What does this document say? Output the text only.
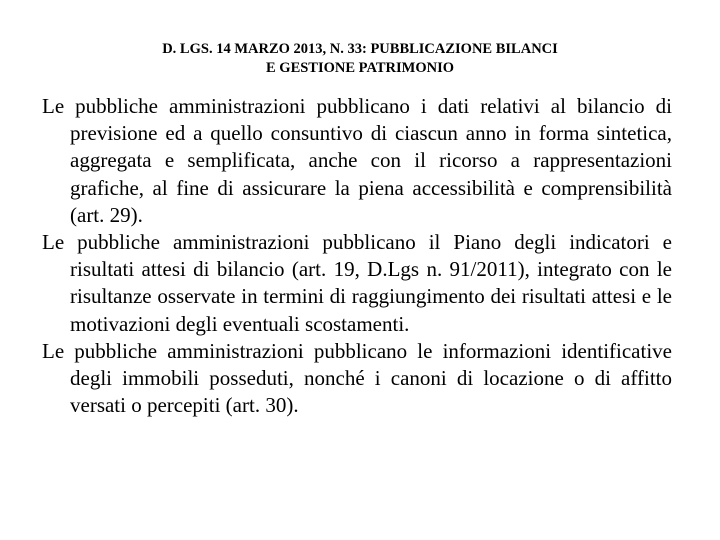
D. LGS. 14 MARZO 2013, N. 33: PUBBLICAZIONE BILANCI
E GESTIONE PATRIMONIO

Le pubbliche amministrazioni pubblicano i dati relativi al bilancio di previsione ed a quello consuntivo di ciascun anno in forma sintetica, aggregata e semplificata, anche con il ricorso a rappresentazioni grafiche, al fine di assicurare la piena accessibilità e comprensibilità (art. 29).

Le pubbliche amministrazioni pubblicano il Piano degli indicatori e risultati attesi di bilancio (art. 19, D.Lgs n. 91/2011), integrato con le risultanze osservate in termini di raggiungimento dei risultati attesi e le motivazioni degli eventuali scostamenti.

Le pubbliche amministrazioni pubblicano le informazioni identificative degli immobili posseduti, nonché i canoni di locazione o di affitto versati o percepiti (art. 30).
